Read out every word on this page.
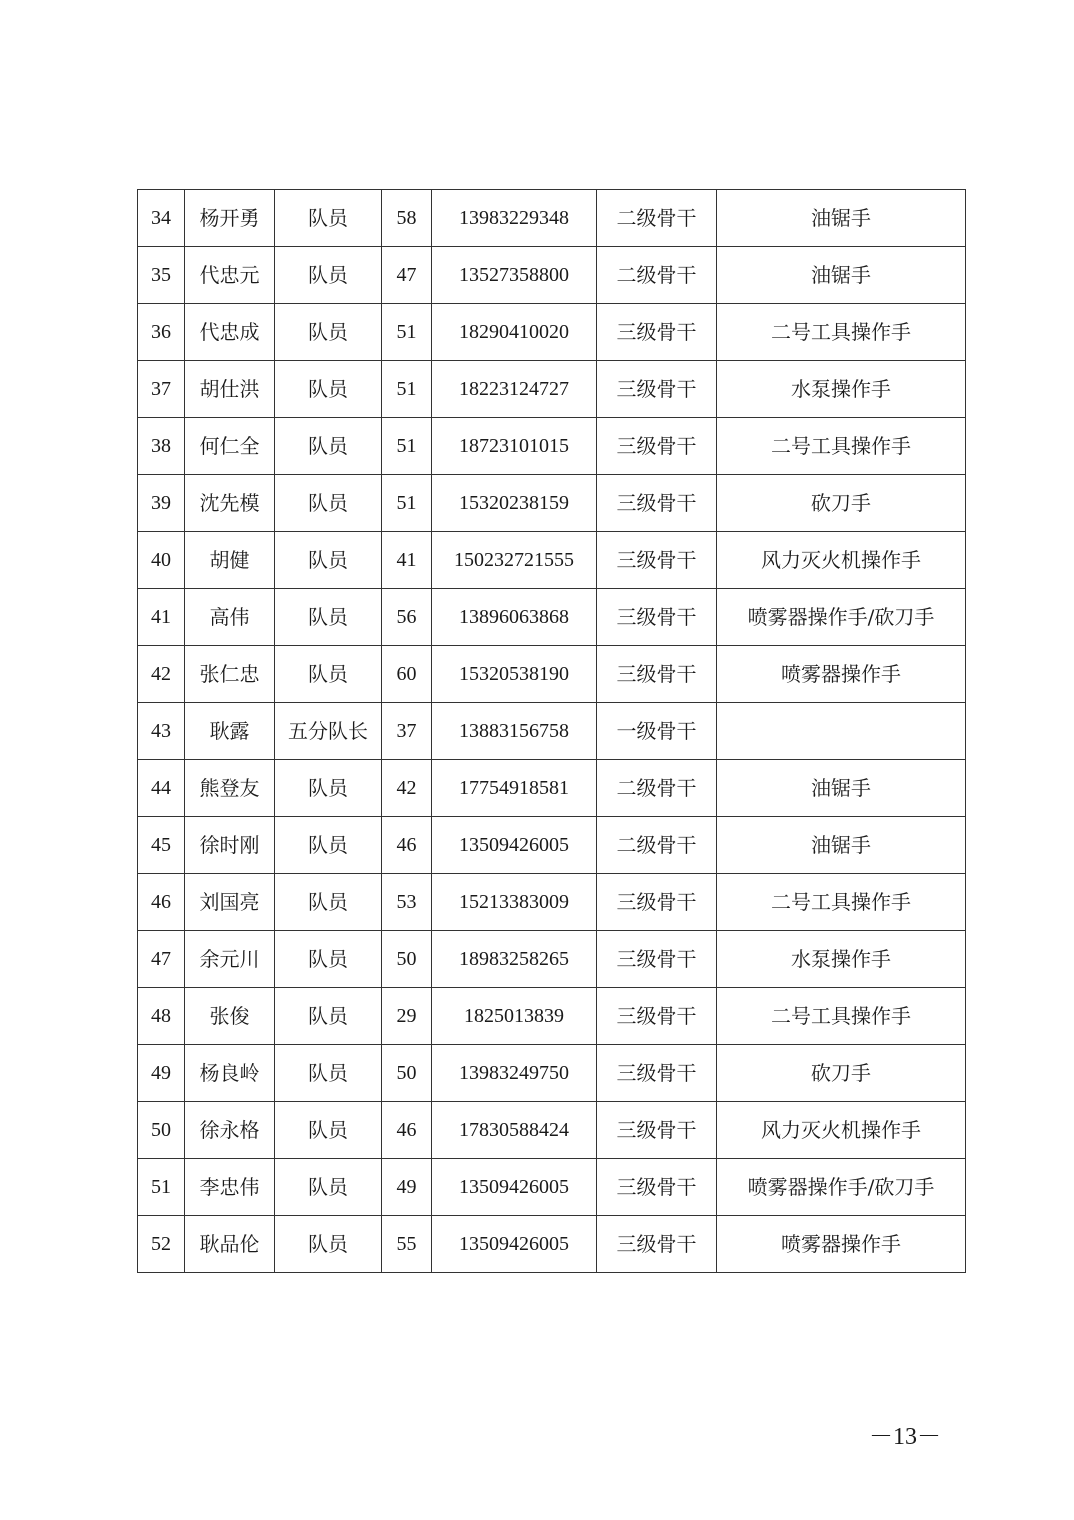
34	杨开勇	队员	58	13983229348	二级骨干	油锯手
35	代忠元	队员	47	13527358800	二级骨干	油锯手
36	代忠成	队员	51	18290410020	三级骨干	二号工具操作手
37	胡仕洪	队员	51	18223124727	三级骨干	水泵操作手
38	何仁全	队员	51	18723101015	三级骨干	二号工具操作手
39	沈先模	队员	51	15320238159	三级骨干	砍刀手
40	胡健	队员	41	150232721555	三级骨干	风力灭火机操作手
41	高伟	队员	56	13896063868	三级骨干	喷雾器操作手/砍刀手
42	张仁忠	队员	60	15320538190	三级骨干	喷雾器操作手
43	耿露	五分队长	37	13883156758	一级骨干	
44	熊登友	队员	42	17754918581	二级骨干	油锯手
45	徐时刚	队员	46	13509426005	二级骨干	油锯手
46	刘国亮	队员	53	15213383009	三级骨干	二号工具操作手
47	余元川	队员	50	18983258265	三级骨干	水泵操作手
48	张俊	队员	29	1825013839	三级骨干	二号工具操作手
49	杨良岭	队员	50	13983249750	三级骨干	砍刀手
50	徐永格	队员	46	17830588424	三级骨干	风力灭火机操作手
51	李忠伟	队员	49	13509426005	三级骨干	喷雾器操作手/砍刀手
52	耿品伦	队员	55	13509426005	三级骨干	喷雾器操作手
－13－
